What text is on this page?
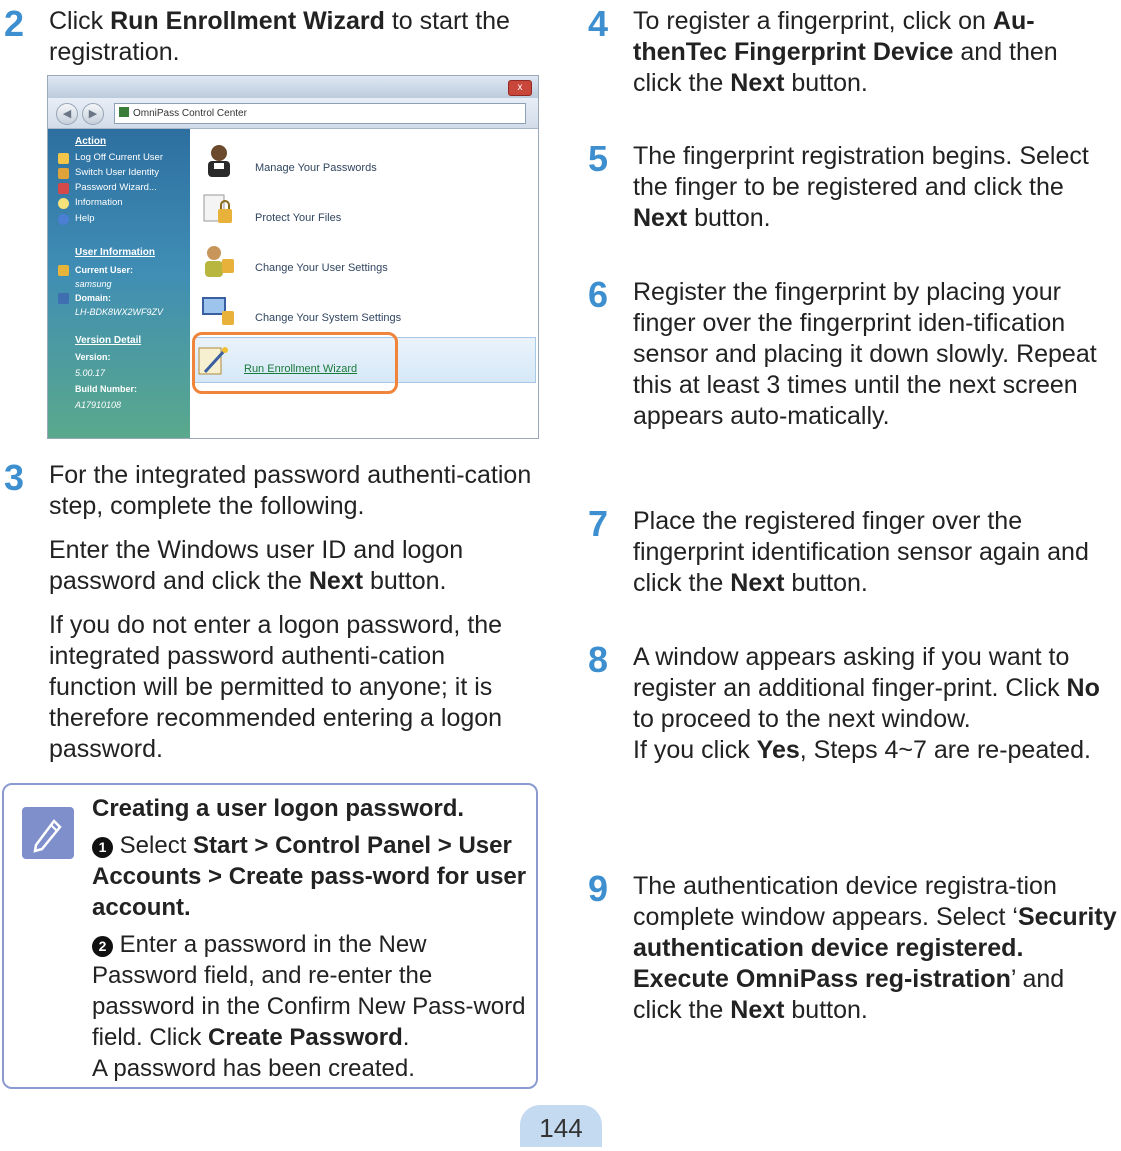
2 Click Run Enrollment Wizard to start the registration.

x
◀	▶	OmniPass Control Center
Action
Log Off Current User
Switch User Identity
Password Wizard...
Information
Help
User Information
Current User:
samsung
Domain:
LH-BDK8WX2WF9ZV
Version Detail
Version:
5.00.17
Build Number:
A17910108
Manage Your Passwords
Protect Your Files
Change Your User Settings
Change Your System Settings
Run Enrollment Wizard
3 For the integrated password authenti-cation step, complete the following.

Enter the Windows user ID and logon password and click the Next button.

If you do not enter a logon password, the integrated password authenti-cation function will be permitted to anyone; it is therefore recommended entering a logon password.

Creating a user logon password.

1 Select Start > Control Panel > User Accounts > Create pass-word for user account.

2 Enter a password in the New Password field, and re-enter the password in the Confirm New Pass-word field. Click Create Password.

A password has been created.

4 To register a fingerprint, click on Au-thenTec Fingerprint Device and then click the Next button.

5 The fingerprint registration begins. Select the finger to be registered and click the Next button.

6 Register the fingerprint by placing your finger over the fingerprint iden-tification sensor and placing it down slowly. Repeat this at least 3 times until the next screen appears auto-matically.

7 Place the registered finger over the fingerprint identification sensor again and click the Next button.

8 A window appears asking if you want to register an additional finger-print. Click No to proceed to the next window.

If you click Yes, Steps 4~7 are re-peated.

9 The authentication device registra-tion complete window appears. Select ‘Security authentication device registered. Execute OmniPass reg-istration’ and click the Next button.

144
